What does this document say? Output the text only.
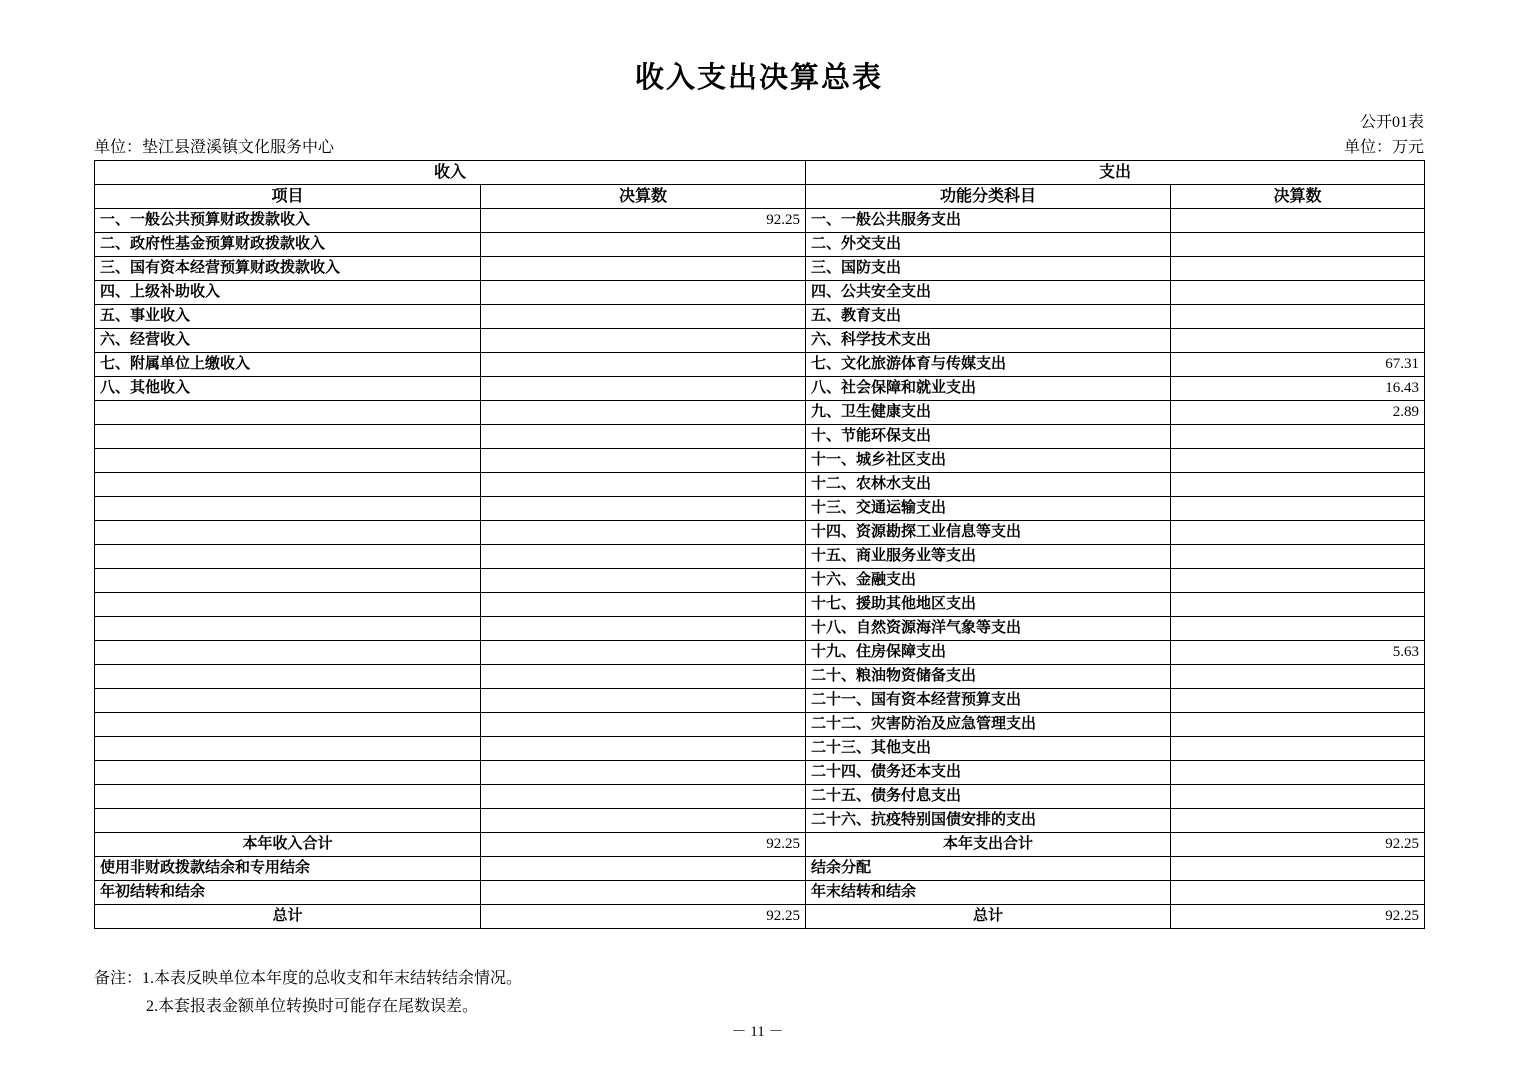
收入支出决算总表
公开01表
单位：垫江县澄溪镇文化服务中心	单位：万元
收入		支出	
项目	决算数	功能分类科目	决算数
一、一般公共预算财政拨款收入	92.25	一、一般公共服务支出	
二、政府性基金预算财政拨款收入		二、外交支出	
三、国有资本经营预算财政拨款收入		三、国防支出	
四、上级补助收入		四、公共安全支出	
五、事业收入		五、教育支出	
六、经营收入		六、科学技术支出	
七、附属单位上缴收入		七、文化旅游体育与传媒支出	67.31
八、其他收入		八、社会保障和就业支出	16.43
		九、卫生健康支出	2.89
		十、节能环保支出	
		十一、城乡社区支出	
		十二、农林水支出	
		十三、交通运输支出	
		十四、资源勘探工业信息等支出	
		十五、商业服务业等支出	
		十六、金融支出	
		十七、援助其他地区支出	
		十八、自然资源海洋气象等支出	
		十九、住房保障支出	5.63
		二十、粮油物资储备支出	
		二十一、国有资本经营预算支出	
		二十二、灾害防治及应急管理支出	
		二十三、其他支出	
		二十四、债务还本支出	
		二十五、债务付息支出	
		二十六、抗疫特别国债安排的支出	
本年收入合计	92.25	本年支出合计	92.25
使用非财政拨款结余和专用结余		结余分配	
年初结转和结余		年末结转和结余	
总计	92.25	总计	92.25
备注：1.本表反映单位本年度的总收支和年末结转结余情况。
2.本套报表金额单位转换时可能存在尾数误差。
－ 11 －
